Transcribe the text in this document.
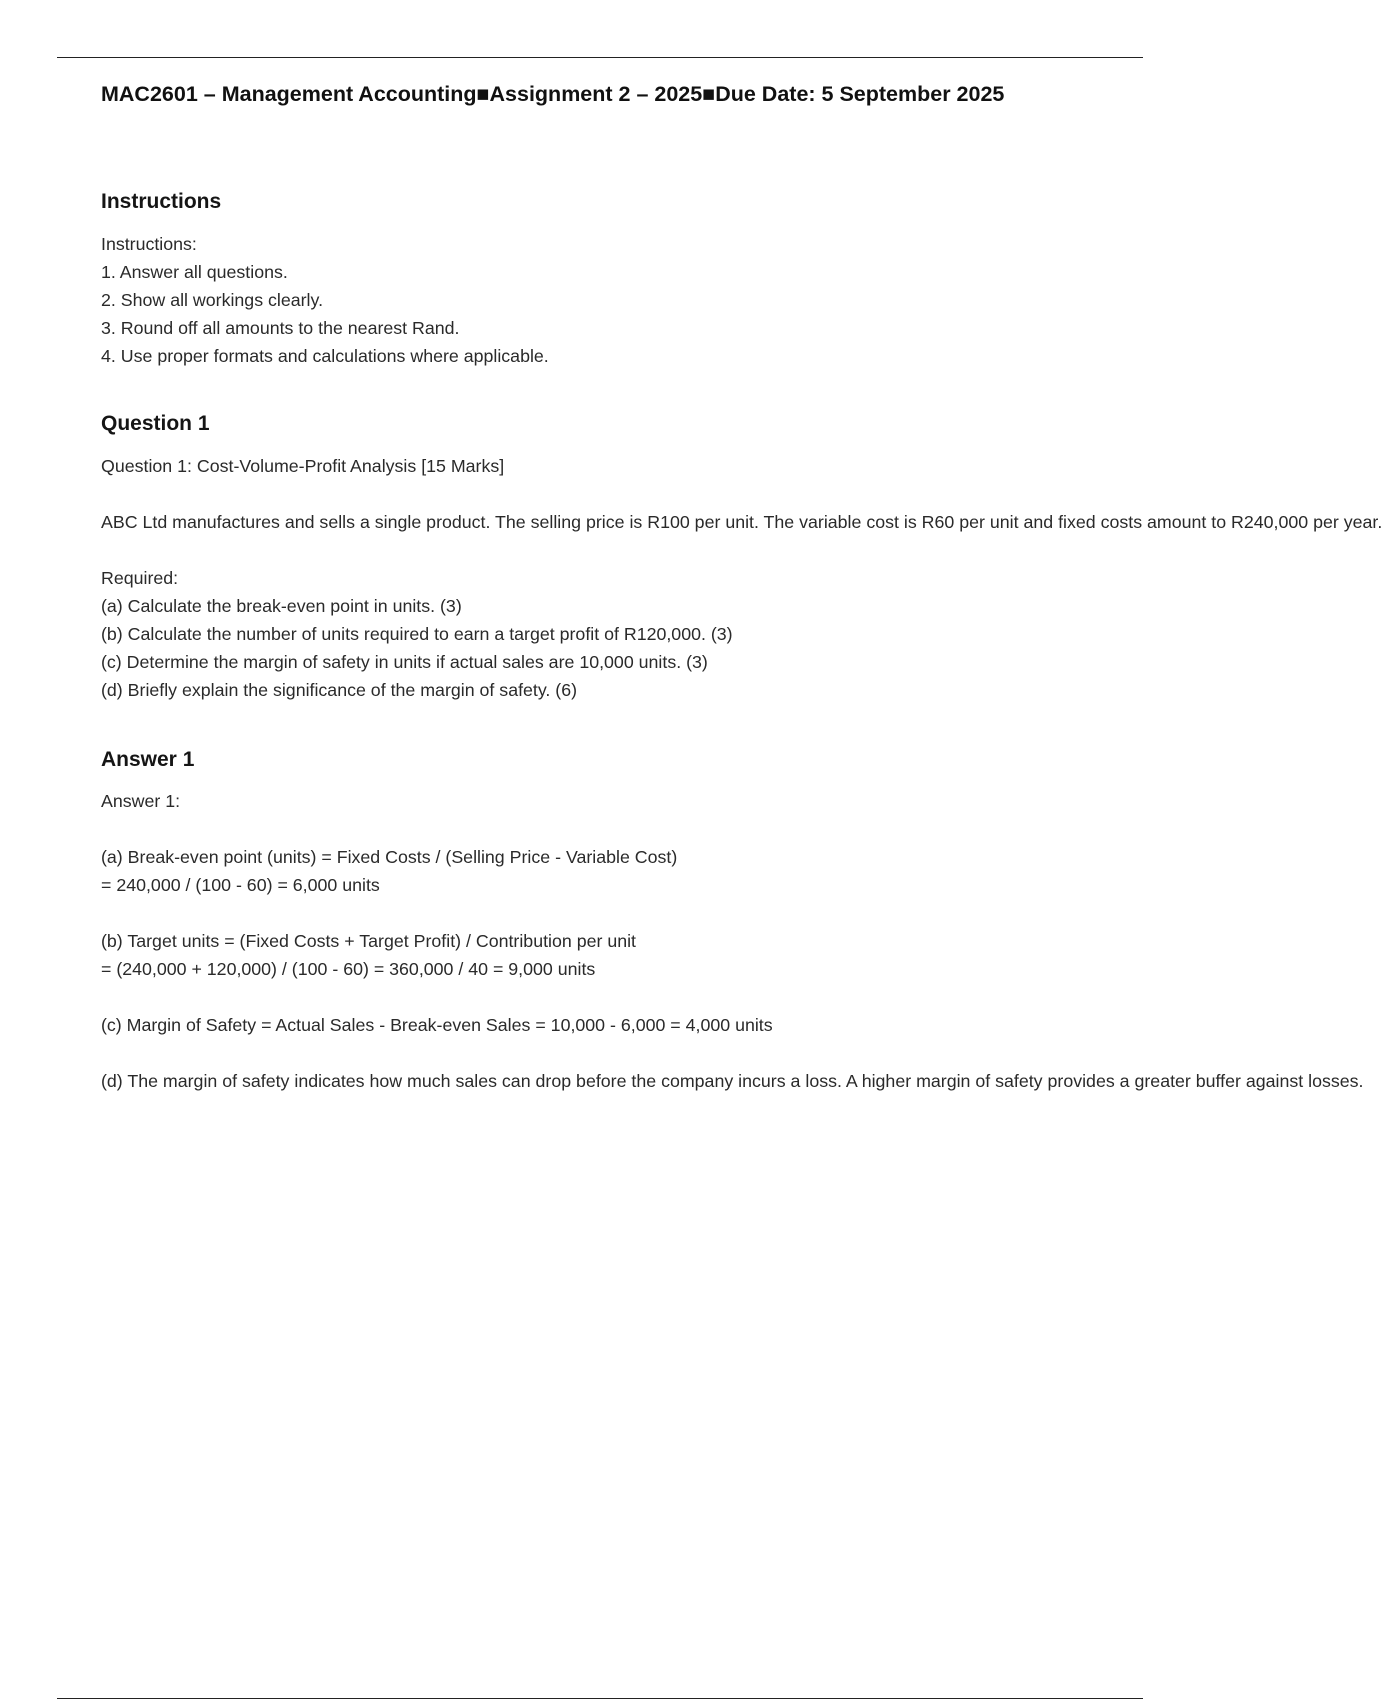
MAC2601 – Management Accounting■Assignment 2 – 2025■Due Date: 5 September 2025
Instructions

Instructions:

1. Answer all questions.

2. Show all workings clearly.

3. Round off all amounts to the nearest Rand.

4. Use proper formats and calculations where applicable.

Question 1

Question 1: Cost-Volume-Profit Analysis [15 Marks]

ABC Ltd manufactures and sells a single product. The selling price is R100 per unit. The variable cost is R60 per unit and fixed costs amount to R240,000 per year.

Required:

(a) Calculate the break-even point in units. (3)

(b) Calculate the number of units required to earn a target profit of R120,000. (3)

(c) Determine the margin of safety in units if actual sales are 10,000 units. (3)

(d) Briefly explain the significance of the margin of safety. (6)

Answer 1

Answer 1:

(a) Break-even point (units) = Fixed Costs / (Selling Price - Variable Cost)

= 240,000 / (100 - 60) = 6,000 units

(b) Target units = (Fixed Costs + Target Profit) / Contribution per unit

= (240,000 + 120,000) / (100 - 60) = 360,000 / 40 = 9,000 units

(c) Margin of Safety = Actual Sales - Break-even Sales = 10,000 - 6,000 = 4,000 units

(d) The margin of safety indicates how much sales can drop before the company incurs a loss. A higher margin of safety provides a greater buffer against losses.
